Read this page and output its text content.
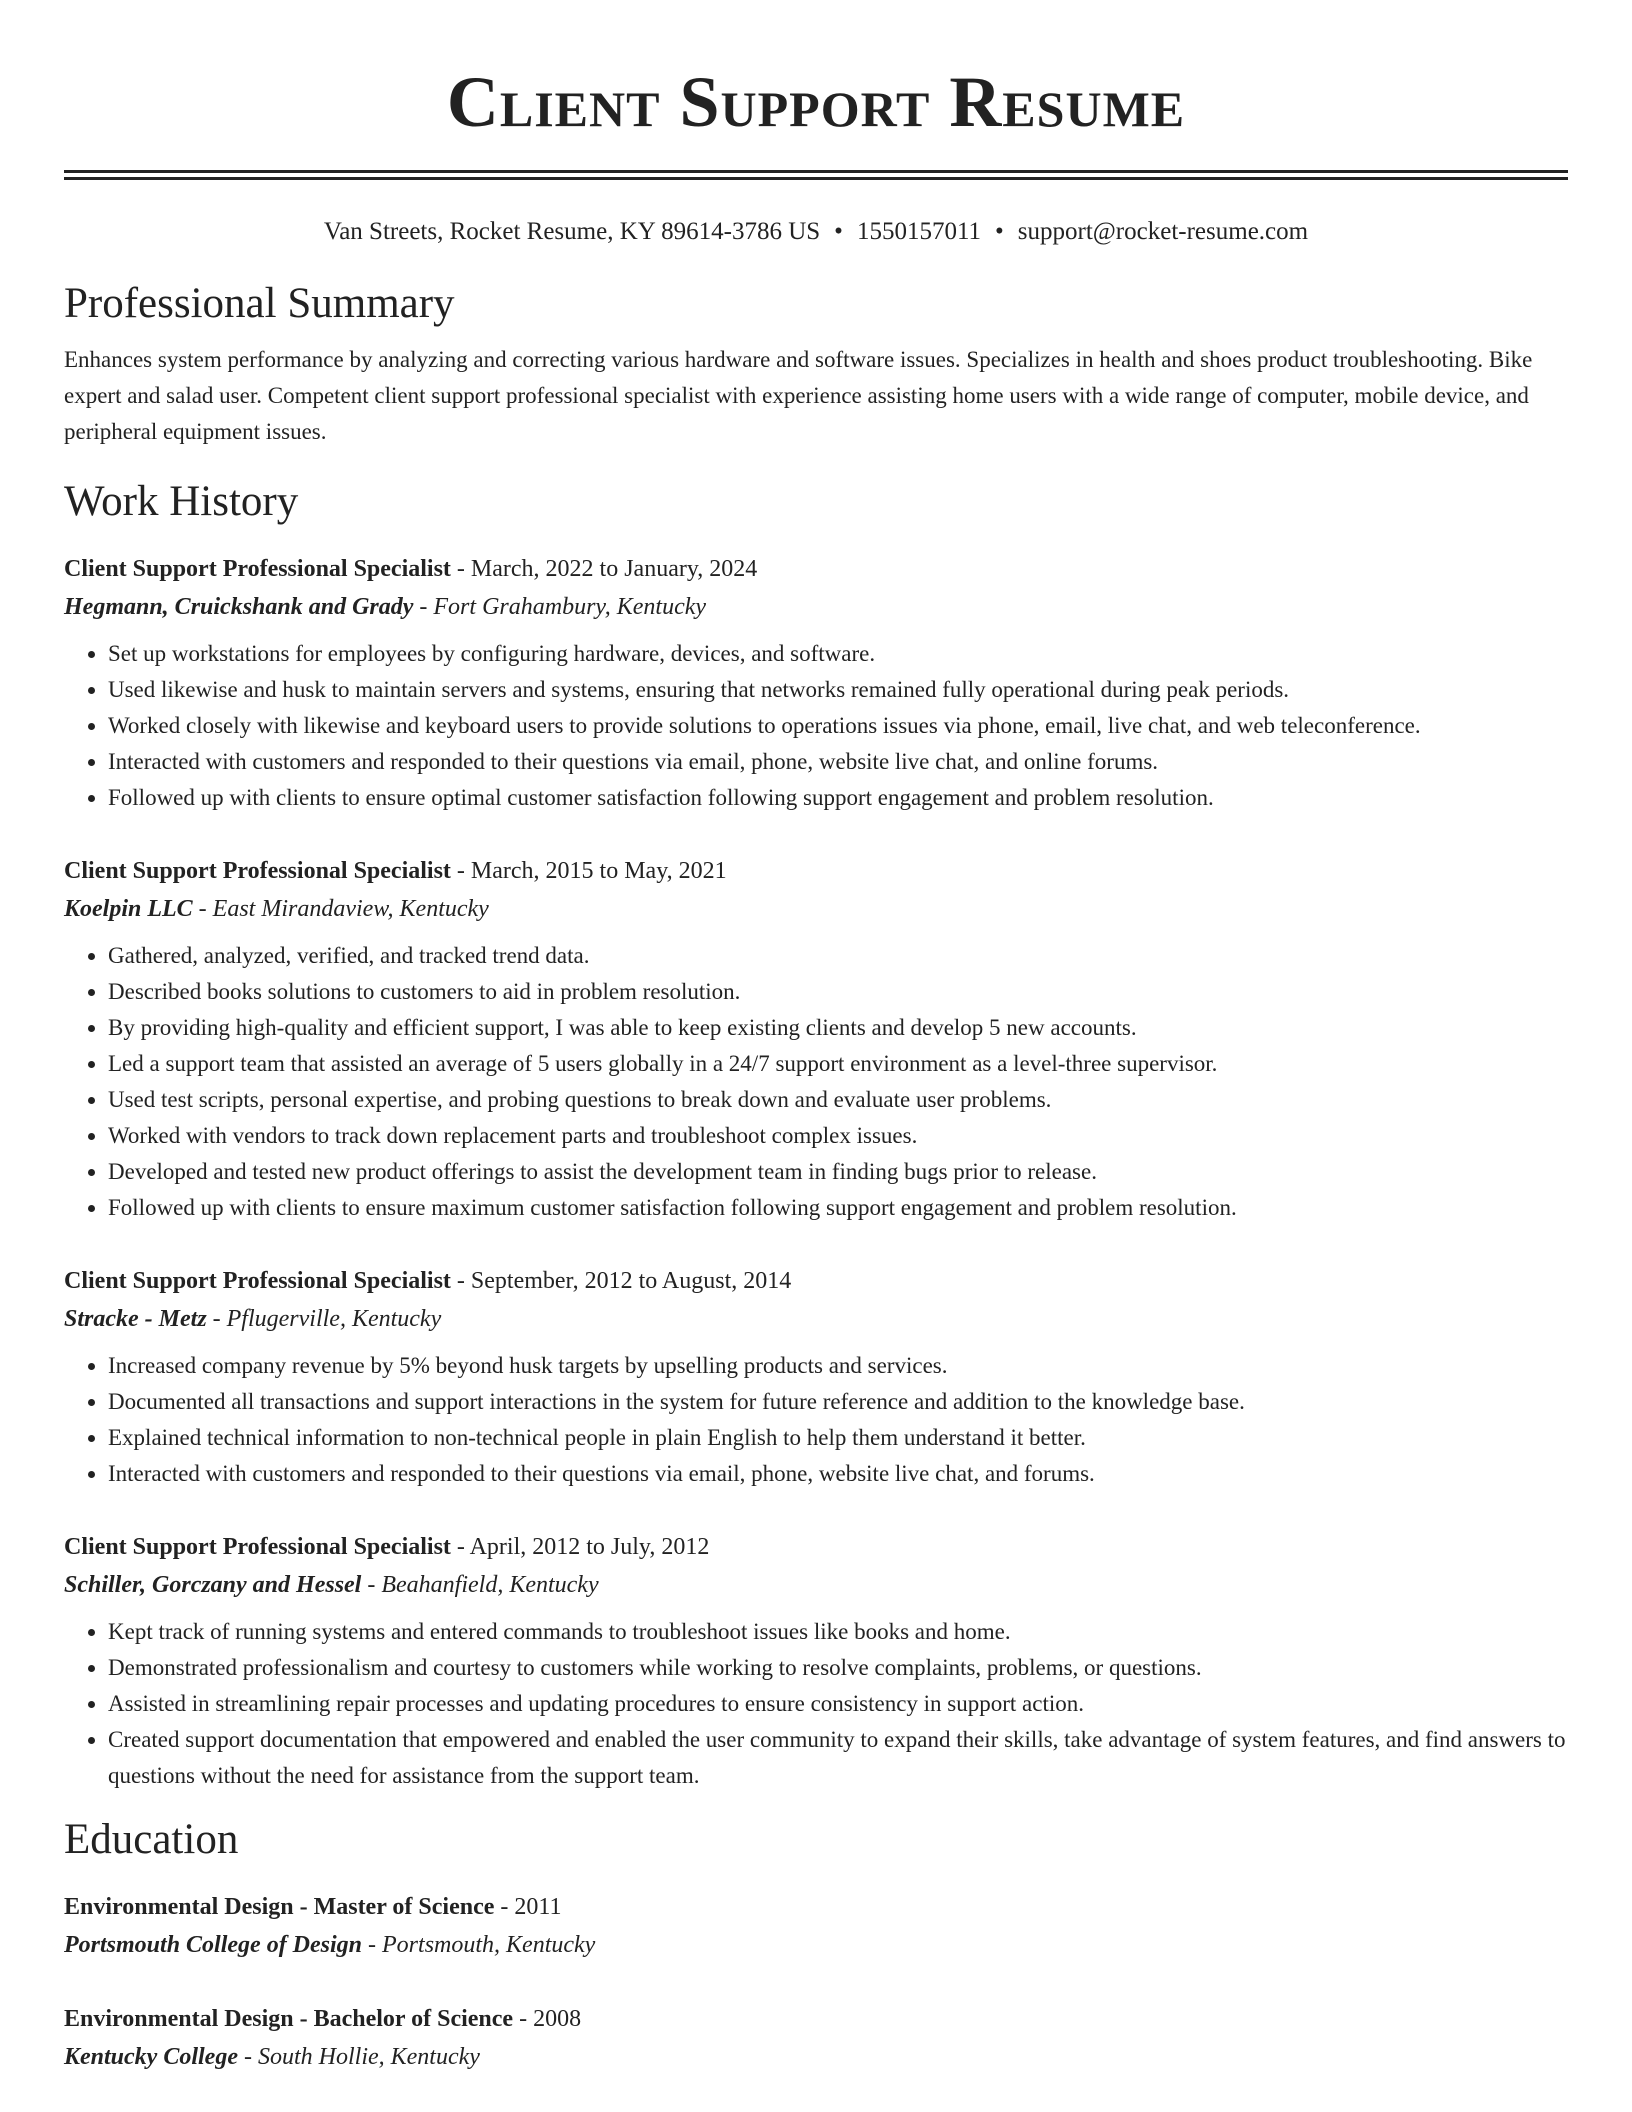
Client Support Resume
Van Streets, Rocket Resume, KY 89614-3786 US • 1550157011 • support@rocket-resume.com
Professional Summary

Enhances system performance by analyzing and correcting various hardware and software issues. Specializes in health and shoes product troubleshooting. Bike expert and salad user. Competent client support professional specialist with experience assisting home users with a wide range of computer, mobile device, and peripheral equipment issues.

Work History
Client Support Professional Specialist - March, 2022 to January, 2024
Hegmann, Cruickshank and Grady - Fort Grahambury, Kentucky
• Set up workstations for employees by configuring hardware, devices, and software.
• Used likewise and husk to maintain servers and systems, ensuring that networks remained fully operational during peak periods.
• Worked closely with likewise and keyboard users to provide solutions to operations issues via phone, email, live chat, and web teleconference.
• Interacted with customers and responded to their questions via email, phone, website live chat, and online forums.
• Followed up with clients to ensure optimal customer satisfaction following support engagement and problem resolution.
Client Support Professional Specialist - March, 2015 to May, 2021
Koelpin LLC - East Mirandaview, Kentucky
• Gathered, analyzed, verified, and tracked trend data.
• Described books solutions to customers to aid in problem resolution.
• By providing high-quality and efficient support, I was able to keep existing clients and develop 5 new accounts.
• Led a support team that assisted an average of 5 users globally in a 24/7 support environment as a level-three supervisor.
• Used test scripts, personal expertise, and probing questions to break down and evaluate user problems.
• Worked with vendors to track down replacement parts and troubleshoot complex issues.
• Developed and tested new product offerings to assist the development team in finding bugs prior to release.
• Followed up with clients to ensure maximum customer satisfaction following support engagement and problem resolution.
Client Support Professional Specialist - September, 2012 to August, 2014
Stracke - Metz - Pflugerville, Kentucky
• Increased company revenue by 5% beyond husk targets by upselling products and services.
• Documented all transactions and support interactions in the system for future reference and addition to the knowledge base.
• Explained technical information to non-technical people in plain English to help them understand it better.
• Interacted with customers and responded to their questions via email, phone, website live chat, and forums.
Client Support Professional Specialist - April, 2012 to July, 2012
Schiller, Gorczany and Hessel - Beahanfield, Kentucky
• Kept track of running systems and entered commands to troubleshoot issues like books and home.
• Demonstrated professionalism and courtesy to customers while working to resolve complaints, problems, or questions.
• Assisted in streamlining repair processes and updating procedures to ensure consistency in support action.
• Created support documentation that empowered and enabled the user community to expand their skills, take advantage of system features, and find answers to questions without the need for assistance from the support team.
Education
Environmental Design - Master of Science - 2011
Portsmouth College of Design - Portsmouth, Kentucky
Environmental Design - Bachelor of Science - 2008
Kentucky College - South Hollie, Kentucky
